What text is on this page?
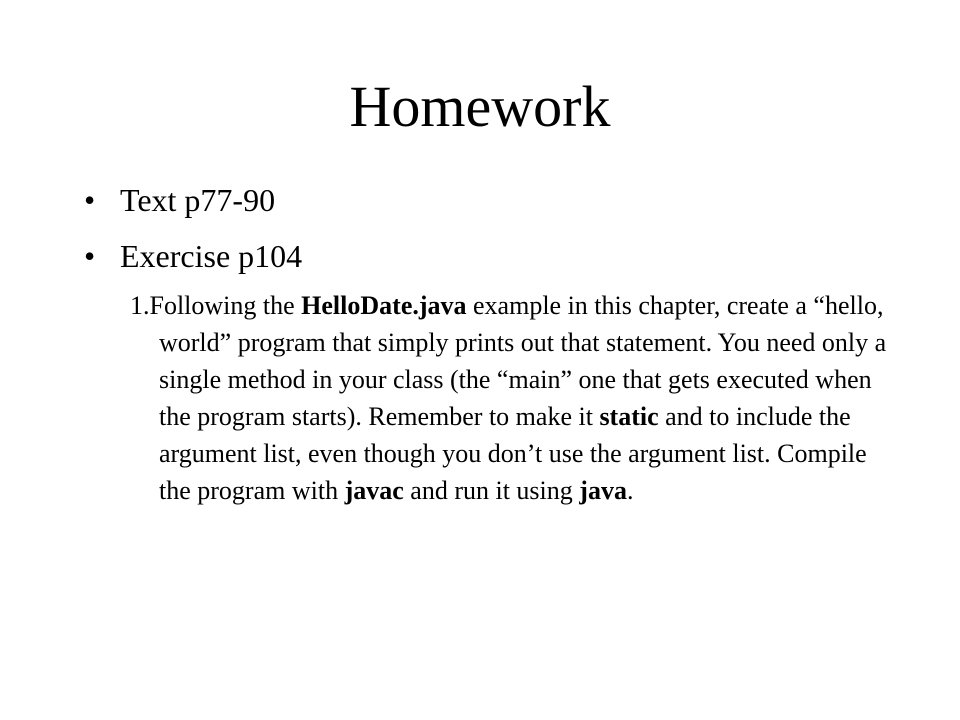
Homework
• Text p77-90
• Exercise p104

1.Following the HelloDate.java example in this chapter, create a “hello, world” program that simply prints out that statement. You need only a single method in your class (the “main” one that gets executed when the program starts). Remember to make it static and to include the argument list, even though you don’t use the argument list. Compile the program with javac and run it using java.
